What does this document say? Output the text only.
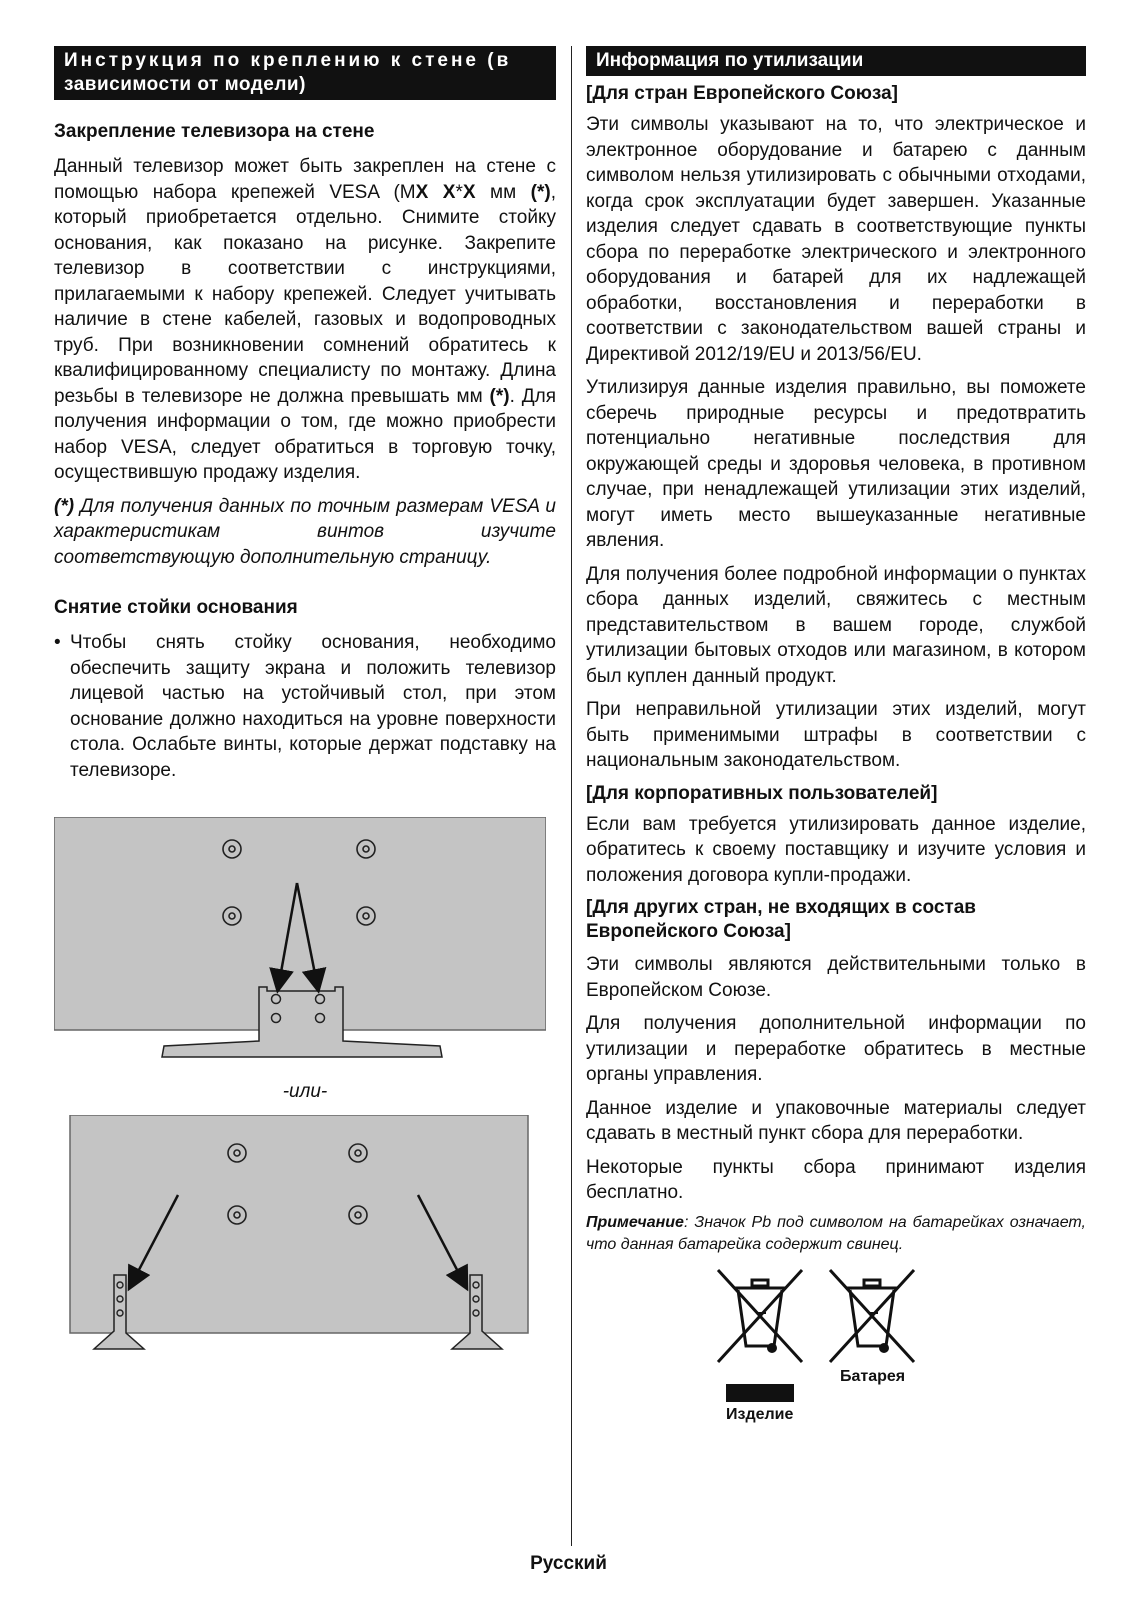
Инструкция по креплению к стене (в
зависимости от модели)
Закрепление телевизора на стене

Данный телевизор может быть закреплен на стене с помощью набора крепежей VESA (МX X*X мм (*), который приобретается отдельно. Снимите стойку основания, как показано на рисунке. Закрепите телевизор в соответствии с инструкциями, прилагаемыми к набору крепежей. Следует учитывать наличие в стене кабелей, газовых и водопроводных труб. При возникновении сомнений обратитесь к квалифицированному специалисту по монтажу. Длина резьбы в телевизоре не должна превышать мм (*). Для получения информации о том, где можно приобрести набор VESA, следует обратиться в торговую точку, осуществившую продажу изделия.

(*) Для получения данных по точным размерам VESA и характеристикам винтов изучите соответствующую дополнительную страницу.

Снятие стойки основания
• Чтобы снять стойку основания, необходимо обеспечить защиту экрана и положить телевизор лицевой частью на устойчивый стол, при этом основание должно находиться на уровне поверхности стола. Ослабьте винты, которые держат подставку на телевизоре.
-или-
Информация по утилизации
[Для стран Европейского Союза]

Эти символы указывают на то, что электрическое и электронное оборудование и батарею с данным символом нельзя утилизировать с обычными отходами, когда срок эксплуатации будет завершен. Указанные изделия следует сдавать в соответствующие пункты сбора по переработке электрического и электронного оборудования и батарей для их надлежащей обработки, восстановления и переработки в соответствии с законодательством вашей страны и Директивой 2012/19/EU и 2013/56/EU.

Утилизируя данные изделия правильно, вы поможете сберечь природные ресурсы и предотвратить потенциально негативные последствия для окружающей среды и здоровья человека, в противном случае, при ненадлежащей утилизации этих изделий, могут иметь место вышеуказанные негативные явления.

Для получения более подробной информации о пунктах сбора данных изделий, свяжитесь с местным представительством в вашем городе, службой утилизации бытовых отходов или магазином, в котором был куплен данный продукт.

При неправильной утилизации этих изделий, могут быть применимыми штрафы в соответствии с национальным законодательством.

[Для корпоративных пользователей]

Если вам требуется утилизировать данное изделие, обратитесь к своему поставщику и изучите условия и положения договора купли-продажи.

[Для других стран, не входящих в состав
Европейского Союза]

Эти символы являются действительными только в Европейском Союзе.

Для получения дополнительной информации по утилизации и переработке обратитесь в местные органы управления.

Данное изделие и упаковочные материалы следует сдавать в местный пункт сбора для переработки.

Некоторые пункты сбора принимают изделия бесплатно.

Примечание: Значок Pb под символом на батарейках означает, что данная батарейка содержит свинец.

Батарея
Изделие
Русский
